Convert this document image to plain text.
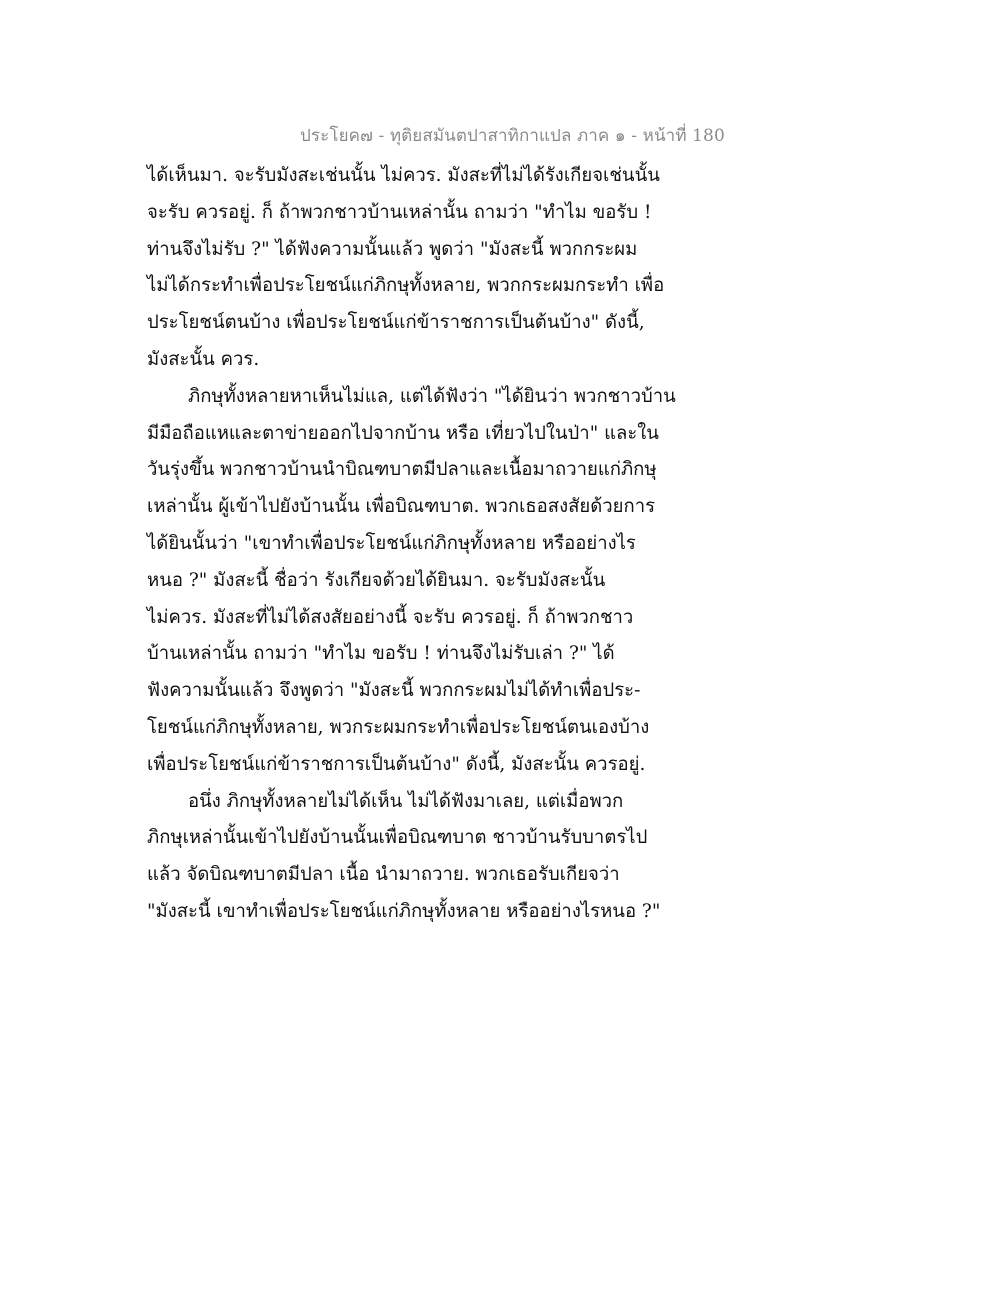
ประโยค๗ - ทุติยสมันตปาสาทิกาแปล ภาค ๑ - หน้าที่ 180
ได้เห็นมา. จะรับมังสะเช่นนั้น ไม่ควร. มังสะที่ไม่ได้รังเกียจเช่นนั้น
จะรับ ควรอยู่. ก็ ถ้าพวกชาวบ้านเหล่านั้น ถามว่า "ทำไม ขอรับ !
ท่านจึงไม่รับ ?" ได้ฟังความนั้นแล้ว พูดว่า "มังสะนี้ พวกกระผม
ไม่ได้กระทำเพื่อประโยชน์แก่ภิกษุทั้งหลาย, พวกกระผมกระทำ เพื่อ
ประโยชน์ตนบ้าง เพื่อประโยชน์แก่ข้าราชการเป็นต้นบ้าง" ดังนี้,
มังสะนั้น ควร.
ภิกษุทั้งหลายหาเห็นไม่แล, แต่ได้ฟังว่า "ได้ยินว่า พวกชาวบ้าน
มีมือถือแหและตาข่ายออกไปจากบ้าน หรือ เที่ยวไปในป่า" และใน
วันรุ่งขึ้น พวกชาวบ้านนำบิณฑบาตมีปลาและเนื้อมาถวายแก่ภิกษุ
เหล่านั้น ผู้เข้าไปยังบ้านนั้น เพื่อบิณฑบาต. พวกเธอสงสัยด้วยการ
ได้ยินนั้นว่า "เขาทำเพื่อประโยชน์แก่ภิกษุทั้งหลาย หรืออย่างไร
หนอ ?" มังสะนี้ ชื่อว่า รังเกียจด้วยได้ยินมา. จะรับมังสะนั้น
ไม่ควร. มังสะที่ไม่ได้สงสัยอย่างนี้ จะรับ ควรอยู่. ก็ ถ้าพวกชาว
บ้านเหล่านั้น ถามว่า "ทำไม ขอรับ ! ท่านจึงไม่รับเล่า ?" ได้
ฟังความนั้นแล้ว จึงพูดว่า "มังสะนี้ พวกกระผมไม่ได้ทำเพื่อประ-
โยชน์แก่ภิกษุทั้งหลาย, พวกระผมกระทำเพื่อประโยชน์ตนเองบ้าง
เพื่อประโยชน์แก่ข้าราชการเป็นต้นบ้าง" ดังนี้, มังสะนั้น ควรอยู่.
อนึ่ง ภิกษุทั้งหลายไม่ได้เห็น ไม่ได้ฟังมาเลย, แต่เมื่อพวก
ภิกษุเหล่านั้นเข้าไปยังบ้านนั้นเพื่อบิณฑบาต ชาวบ้านรับบาตรไป
แล้ว จัดบิณฑบาตมีปลา เนื้อ นำมาถวาย. พวกเธอรับเกียจว่า
"มังสะนี้ เขาทำเพื่อประโยชน์แก่ภิกษุทั้งหลาย หรืออย่างไรหนอ ?"
